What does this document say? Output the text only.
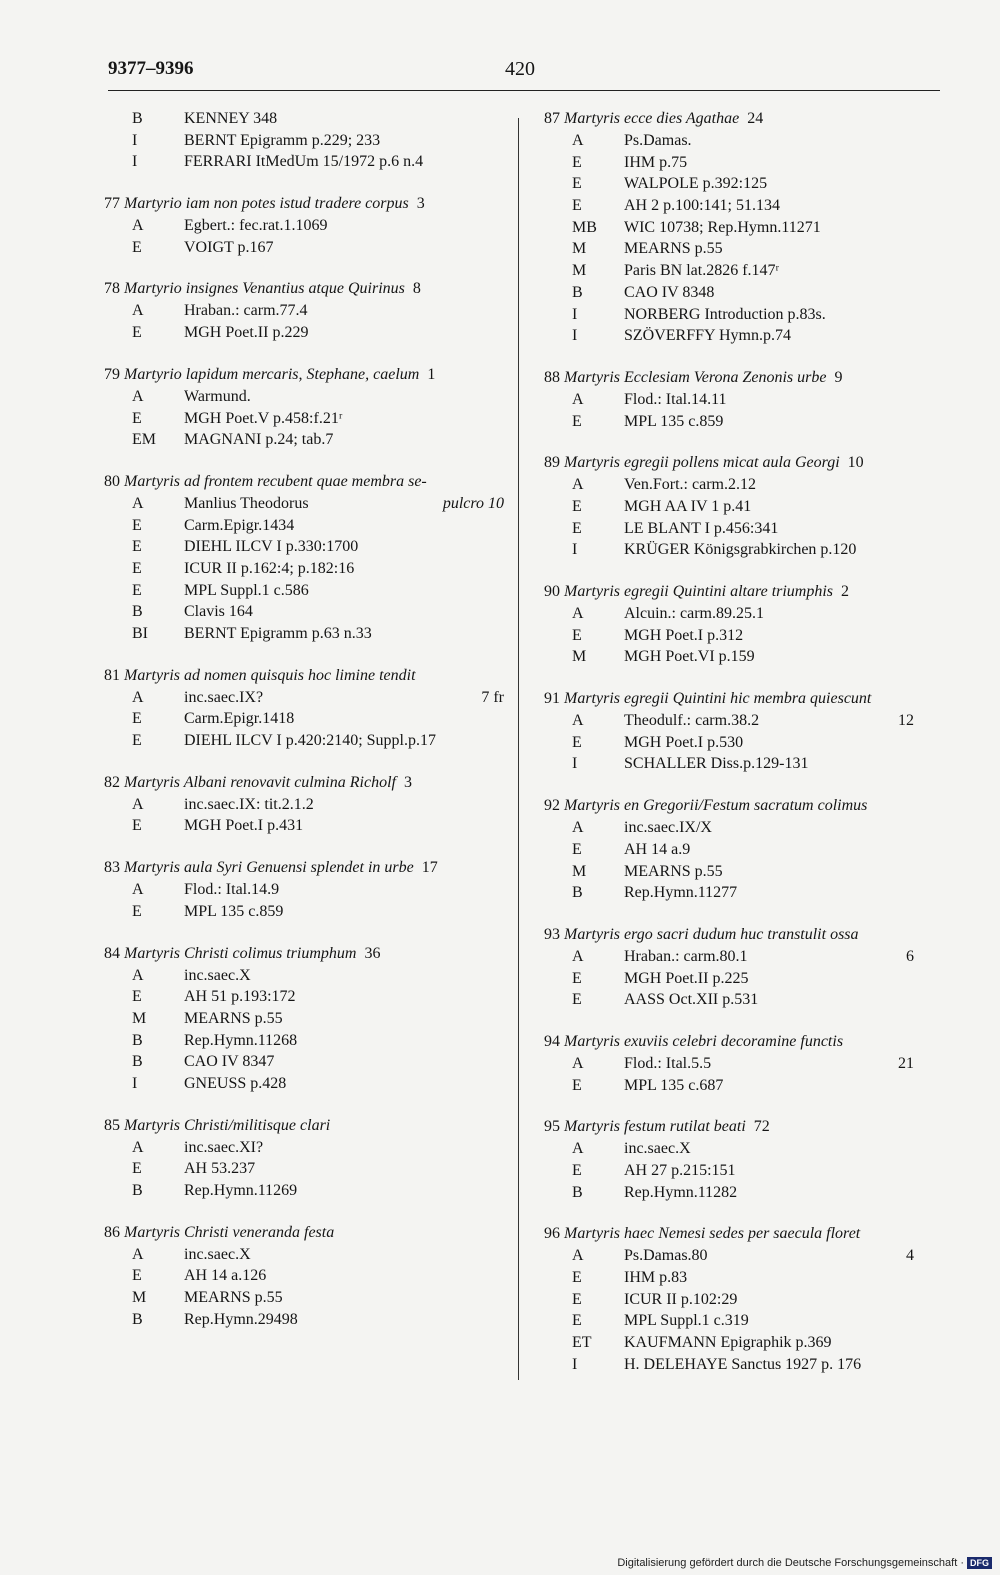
9377–9396	420
B	KENNEY 348
I	BERNT Epigramm p.229; 233
I	FERRARI ItMedUm 15/1972 p.6 n.4
77 Martyrio iam non potes istud tradere corpus 3
A	Egbert.: fec.rat.1.1069
E	VOIGT p.167
78 Martyrio insignes Venantius atque Quirinus 8
A	Hraban.: carm.77.4
E	MGH Poet.II p.229
79 Martyrio lapidum mercaris, Stephane, caelum 1
A	Warmund.
E	MGH Poet.V p.458:f.21ʳ
EM MAGNANI p.24; tab.7
80 Martyris ad frontem recubent quae membra se-
A	Manlius Theodorus	pulcro 10
E	Carm.Epigr.1434
E	DIEHL ILCV I p.330:1700
E	ICUR II p.162:4; p.182:16
E	MPL Suppl.1 c.586
B	Clavis 164
BI BERNT Epigramm p.63 n.33
81 Martyris ad nomen quisquis hoc limine tendit
A	inc.saec.IX?	7 fr
E	Carm.Epigr.1418
E	DIEHL ILCV I p.420:2140; Suppl.p.17
82 Martyris Albani renovavit culmina Richolf 3
A	inc.saec.IX: tit.2.1.2
E	MGH Poet.I p.431
83 Martyris aula Syri Genuensi splendet in urbe 17
A	Flod.: Ital.14.9
E	MPL 135 c.859
84 Martyris Christi colimus triumphum 36
A	inc.saec.X
E	AH 51 p.193:172
M MEARNS p.55
B	Rep.Hymn.11268
B	CAO IV 8347
I	GNEUSS p.428
85 Martyris Christi/militisque clari
A	inc.saec.XI?
E	AH 53.237
B	Rep.Hymn.11269
86 Martyris Christi veneranda festa
A	inc.saec.X
E	AH 14 a.126
M MEARNS p.55
B	Rep.Hymn.29498
87 Martyris ecce dies Agathae 24
A	Ps.Damas.
E	IHM p.75
E	WALPOLE p.392:125
E	AH 2 p.100:141; 51.134
MB WIC 10738; Rep.Hymn.11271
M MEARNS p.55
M Paris BN lat.2826 f.147ʳ
B	CAO IV 8348
I	NORBERG Introduction p.83s.
I	SZÖVERFFY Hymn.p.74
88 Martyris Ecclesiam Verona Zenonis urbe 9
A	Flod.: Ital.14.11
E	MPL 135 c.859
89 Martyris egregii pollens micat aula Georgi 10
A	Ven.Fort.: carm.2.12
E	MGH AA IV 1 p.41
E	LE BLANT I p.456:341
I	KRÜGER Königsgrabkirchen p.120
90 Martyris egregii Quintini altare triumphis 2
A	Alcuin.: carm.89.25.1
E	MGH Poet.I p.312
M MGH Poet.VI p.159
91 Martyris egregii Quintini hic membra quiescunt
A	Theodulf.: carm.38.2	12
E	MGH Poet.I p.530
I	SCHALLER Diss.p.129-131
92 Martyris en Gregorii/Festum sacratum colimus
A	inc.saec.IX/X
E	AH 14 a.9
M MEARNS p.55
B	Rep.Hymn.11277
93 Martyris ergo sacri dudum huc transtulit ossa
A	Hraban.: carm.80.1	6
E	MGH Poet.II p.225
E	AASS Oct.XII p.531
94 Martyris exuviis celebri decoramine functis
A	Flod.: Ital.5.5	21
E	MPL 135 c.687
95 Martyris festum rutilat beati 72
A	inc.saec.X
E	AH 27 p.215:151
B	Rep.Hymn.11282
96 Martyris haec Nemesi sedes per saecula floret
A	Ps.Damas.80	4
E	IHM p.83
E	ICUR II p.102:29
E	MPL Suppl.1 c.319
ET KAUFMANN Epigraphik p.369
I	H. DELEHAYE Sanctus 1927 p. 176
Digitalisierung gefördert durch die Deutsche Forschungsgemeinschaft · DFG
